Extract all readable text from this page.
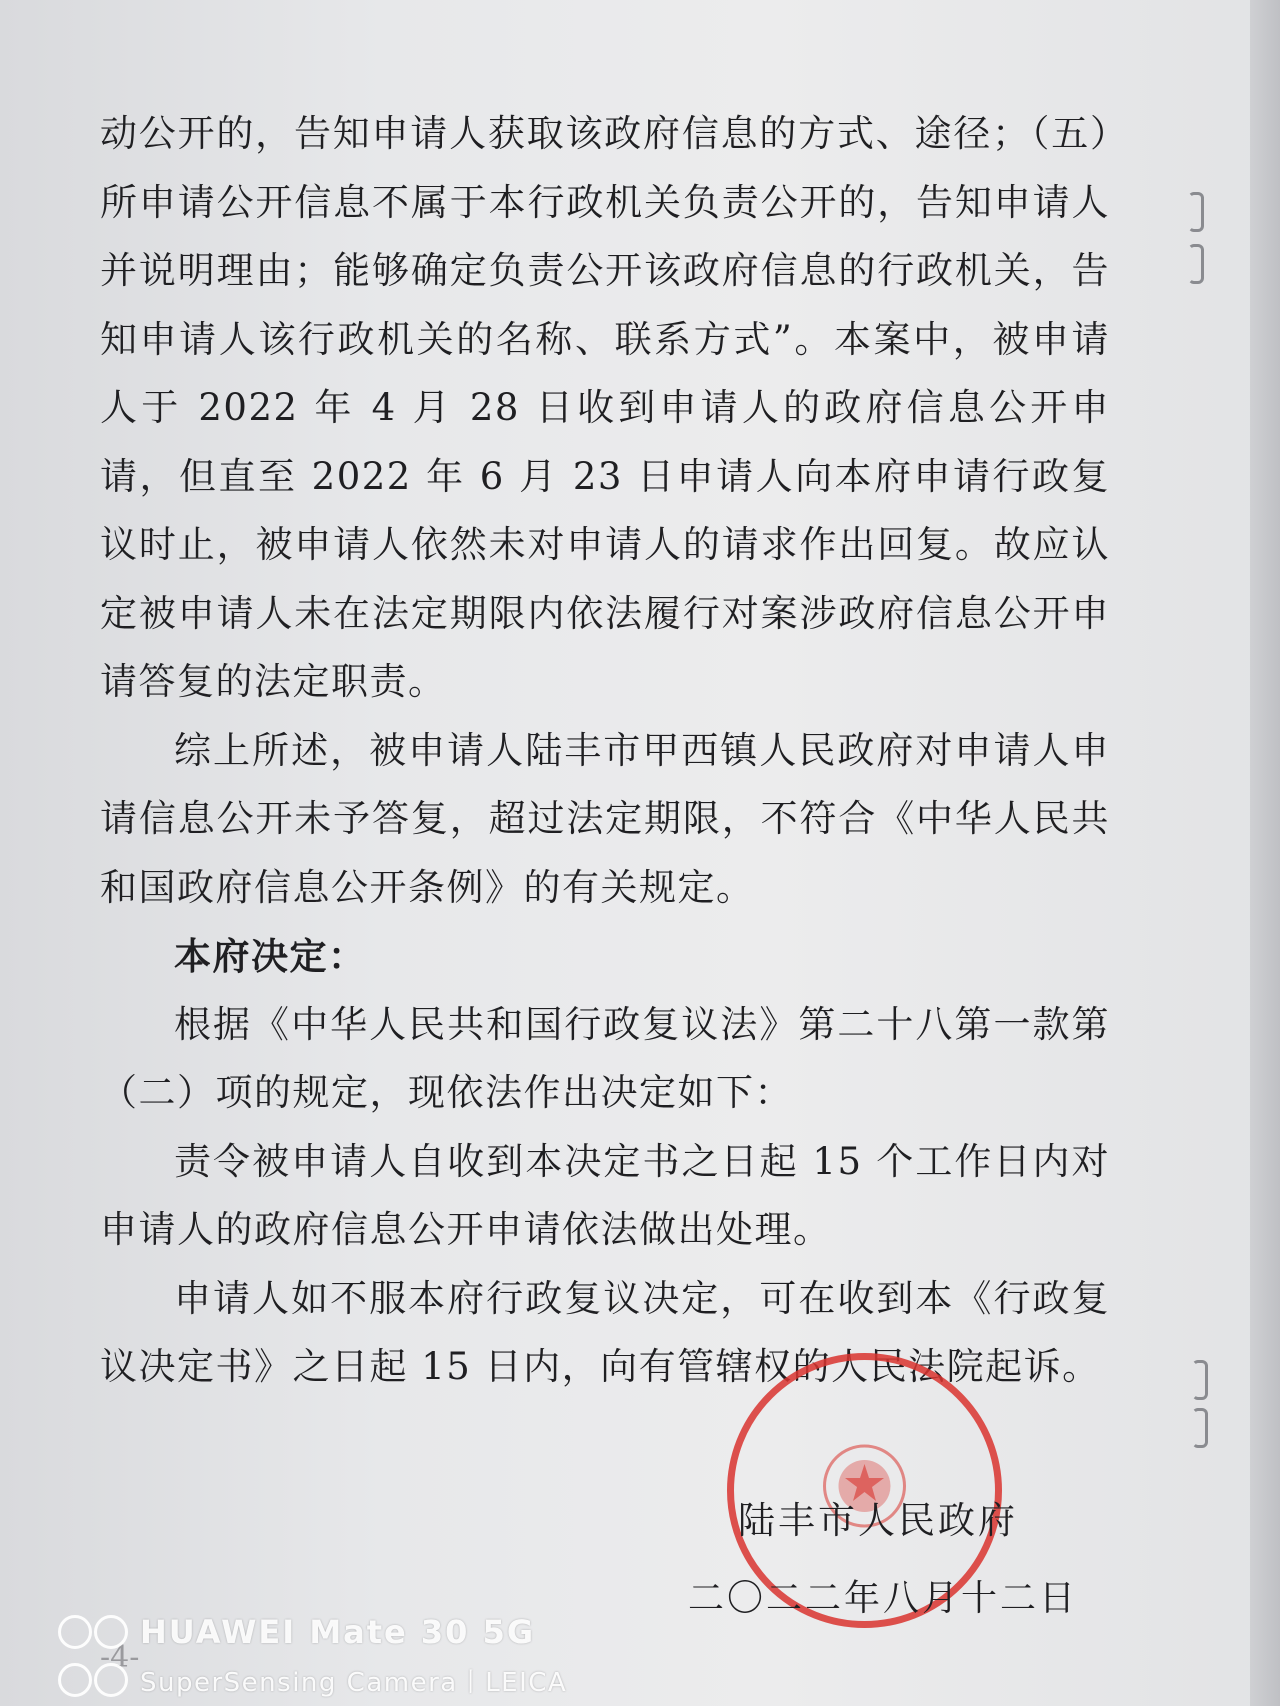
动公开的，告知申请人获取该政府信息的方式、途径；（五）所申请公开信息不属于本行政机关负责公开的，告知申请人并说明理由；能够确定负责公开该政府信息的行政机关，告知申请人该行政机关的名称、联系方式”。本案中，被申请人于 2022 年 4 月 28 日收到申请人的政府信息公开申请，但直至 2022 年 6 月 23 日申请人向本府申请行政复议时止，被申请人依然未对申请人的请求作出回复。故应认定被申请人未在法定期限内依法履行对案涉政府信息公开申请答复的法定职责。

综上所述，被申请人陆丰市甲西镇人民政府对申请人申请信息公开未予答复，超过法定期限，不符合《中华人民共和国政府信息公开条例》的有关规定。

本府决定：

根据《中华人民共和国行政复议法》第二十八第一款第（二）项的规定，现依法作出决定如下：

责令被申请人自收到本决定书之日起 15 个工作日内对申请人的政府信息公开申请依法做出处理。

申请人如不服本府行政复议决定，可在收到本《行政复议决定书》之日起 15 日内，向有管辖权的人民法院起诉。

陆丰市人民政府
二〇二二年八月十二日
-4-
HUAWEI Mate 30 5G
SuperSensing Camera丨LEICA
